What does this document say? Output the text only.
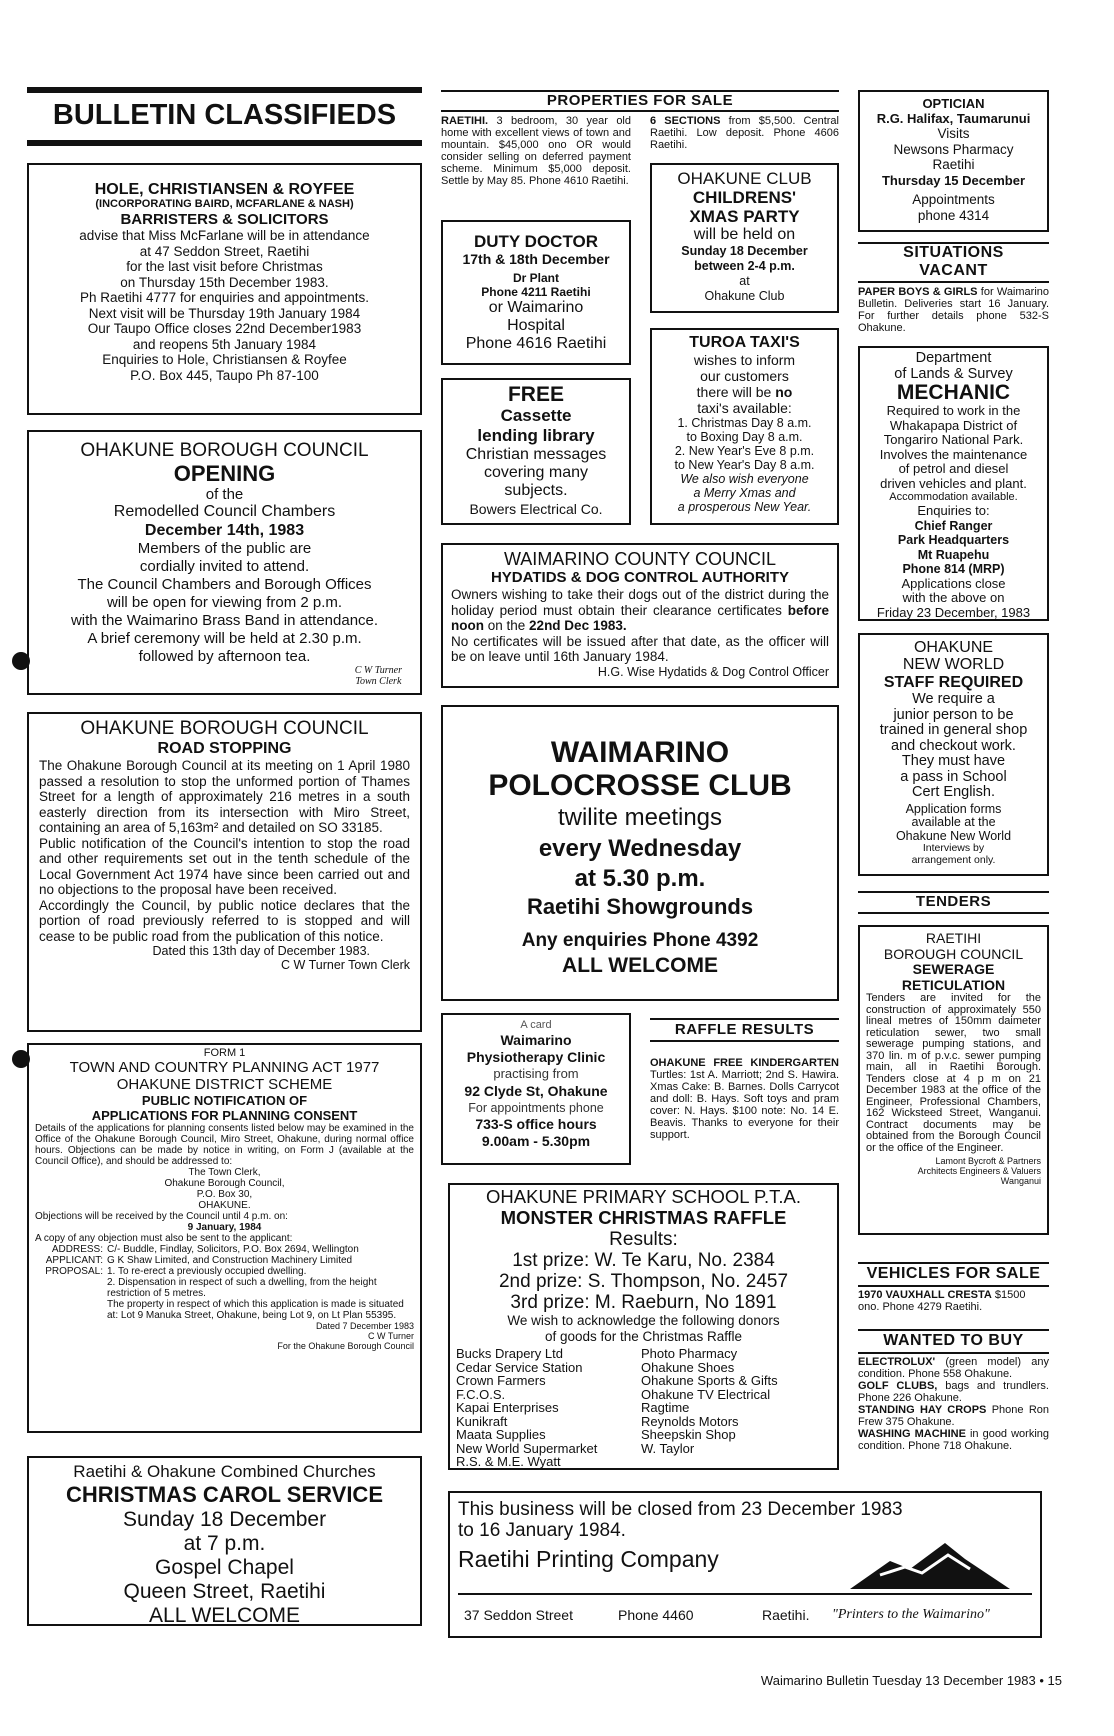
BULLETIN CLASSIFIEDS
HOLE, CHRISTIANSEN & ROYFEE
(INCORPORATING BAIRD, MCFARLANE & NASH)
BARRISTERS & SOLICITORS
advise that Miss McFarlane will be in attendance
at 47 Seddon Street, Raetihi
for the last visit before Christmas
on Thursday 15th December 1983.
Ph Raetihi 4777 for enquiries and appointments.
Next visit will be Thursday 19th January 1984
Our Taupo Office closes 22nd December1983
and reopens 5th January 1984
Enquiries to Hole, Christiansen & Royfee
P.O. Box 445, Taupo Ph 87-100
OHAKUNE BOROUGH COUNCIL
OPENING
of the
Remodelled Council Chambers
December 14th, 1983
Members of the public are
cordially invited to attend.
The Council Chambers and Borough Offices
will be open for viewing from 2 p.m.
with the Waimarino Brass Band in attendance.
A brief ceremony will be held at 2.30 p.m.
followed by afternoon tea.
C W Turner
Town Clerk
OHAKUNE BOROUGH COUNCIL
ROAD STOPPING
The Ohakune Borough Council at its meeting on 1 April 1980 passed a resolution to stop the unformed portion of Thames Street for a length of approximately 216 metres in a south easterly direction from its intersection with Miro Street, containing an area of 5,163m² and detailed on SO 33185.
Public notification of the Council's intention to stop the road and other requirements set out in the tenth schedule of the Local Government Act 1974 have since been carried out and no objections to the proposal have been received.
Accordingly the Council, by public notice declares that the portion of road previously referred to is stopped and will cease to be public road from the publication of this notice.
Dated this 13th day of December 1983.
C W Turner Town Clerk
FORM 1
TOWN AND COUNTRY PLANNING ACT 1977
OHAKUNE DISTRICT SCHEME
PUBLIC NOTIFICATION OF
APPLICATIONS FOR PLANNING CONSENT
Details of the applications for planning consents listed below may be examined in the Office of the Ohakune Borough Council, Miro Street, Ohakune, during normal office hours. Objections can be made by notice in writing, on Form J (available at the Council Office), and should be addressed to:
The Town Clerk,
Ohakune Borough Council,
P.O. Box 30,
OHAKUNE.
Objections will be received by the Council until 4 p.m. on:
9 January, 1984
A copy of any objection must also be sent to the applicant:
ADDRESS: C/- Buddle, Findlay, Solicitors, P.O. Box 2694, Wellington
APPLICANT: G K Shaw Limited, and Construction Machinery Limited
PROPOSAL: 1. To re-erect a previously occupied dwelling.
2. Dispensation in respect of such a dwelling, from the height restriction of 5 metres.
The property in respect of which this application is made is situated at: Lot 9 Manuka Street, Ohakune, being Lot 9, on Lt Plan 55395.
Dated 7 December 1983
C W Turner
For the Ohakune Borough Council
Raetihi & Ohakune Combined Churches
CHRISTMAS CAROL SERVICE
Sunday 18 December
at 7 p.m.
Gospel Chapel
Queen Street, Raetihi
ALL WELCOME
PROPERTIES FOR SALE
RAETIHI. 3 bedroom, 30 year old home with excellent views of town and mountain. $45,000 ono OR would consider selling on deferred payment scheme. Minimum $5,000 deposit. Settle by May 85. Phone 4610 Raetihi.
6 SECTIONS from $5,500. Central Raetihi. Low deposit. Phone 4606 Raetihi.
DUTY DOCTOR
17th & 18th December
Dr Plant
Phone 4211 Raetihi
or Waimarino
Hospital
Phone 4616 Raetihi
OHAKUNE CLUB
CHILDRENS'
XMAS PARTY
will be held on
Sunday 18 December
between 2-4 p.m.
at
Ohakune Club
FREE
Cassette
lending library
Christian messages
covering many
subjects.
Bowers Electrical Co.
TUROA TAXI'S
wishes to inform
our customers
there will be no
taxi's available:
1. Christmas Day 8 a.m.
to Boxing Day 8 a.m.
2. New Year's Eve 8 p.m.
to New Year's Day 8 a.m.
We also wish everyone
a Merry Xmas and
a prosperous New Year.
WAIMARINO COUNTY COUNCIL
HYDATIDS & DOG CONTROL AUTHORITY
Owners wishing to take their dogs out of the district during the holiday period must obtain their clearance certificates before noon on the 22nd Dec 1983.
No certificates will be issued after that date, as the officer will be on leave until 16th January 1984.
H.G. Wise Hydatids & Dog Control Officer
WAIMARINO
POLOCROSSE CLUB
twilite meetings
every Wednesday
at 5.30 p.m.
Raetihi Showgrounds
Any enquiries Phone 4392
ALL WELCOME
A card
Waimarino
Physiotherapy Clinic
practising from
92 Clyde St, Ohakune
For appointments phone
733-S office hours
9.00am - 5.30pm
RAFFLE RESULTS
OHAKUNE FREE KINDERGARTEN Turtles: 1st A. Marriott; 2nd S. Hawira. Xmas Cake: B. Barnes. Dolls Carrycot and doll: B. Hays. Soft toys and pram cover: N. Hays. $100 note: No. 14 E. Beavis. Thanks to everyone for their support.
OHAKUNE PRIMARY SCHOOL P.T.A.
MONSTER CHRISTMAS RAFFLE
Results:
1st prize: W. Te Karu, No. 2384
2nd prize: S. Thompson, No. 2457
3rd prize: M. Raeburn, No 1891
We wish to acknowledge the following donors
of goods for the Christmas Raffle
Bucks Drapery Ltd
Cedar Service Station
Crown Farmers
F.C.O.S.
Kapai Enterprises
Kunikraft
Maata Supplies
New World Supermarket
R.S. & M.E. Wyatt
Photo Pharmacy
Ohakune Shoes
Ohakune Sports & Gifts
Ohakune TV Electrical
Ragtime
Reynolds Motors
Sheepskin Shop
W. Taylor
This business will be closed from 23 December 1983
to 16 January 1984.
Raetihi Printing Company
37 Seddon Street	Phone 4460	Raetihi. "Printers to the Waimarino"
OPTICIAN
R.G. Halifax, Taumarunui
Visits
Newsons Pharmacy
Raetihi
Thursday 15 December
Appointments
phone 4314
SITUATIONS
VACANT
PAPER BOYS & GIRLS for Waimarino Bulletin. Deliveries start 16 January. For further details phone 532-S Ohakune.
Department
of Lands & Survey
MECHANIC
Required to work in the
Whakapapa District of
Tongariro National Park.
Involves the maintenance
of petrol and diesel
driven vehicles and plant.
Accommodation available.
Enquiries to:
Chief Ranger
Park Headquarters
Mt Ruapehu
Phone 814 (MRP)
Applications close
with the above on
Friday 23 December, 1983
OHAKUNE
NEW WORLD
STAFF REQUIRED
We require a
junior person to be
trained in general shop
and checkout work.
They must have
a pass in School
Cert English.
Application forms
available at the
Ohakune New World
Interviews by
arrangement only.
TENDERS
RAETIHI
BOROUGH COUNCIL
SEWERAGE
RETICULATION
Tenders are invited for the construction of approximately 550 lineal metres of 150mm daimeter reticulation sewer, two small sewerage pumping stations, and 370 lin. m of p.v.c. sewer pumping main, all in Raetihi Borough. Tenders close at 4 p m on 21 December 1983 at the office of the Engineer, Professional Chambers, 162 Wicksteed Street, Wanganui. Contract documents may be obtained from the Borough Council or the office of the Engineer.
Lamont Bycroft & Partners
Architects Engineers & Valuers
Wanganui
VEHICLES FOR SALE
1970 VAUXHALL CRESTA $1500 ono. Phone 4279 Raetihi.
WANTED TO BUY
ELECTROLUX' (green model) any condition. Phone 558 Ohakune.
GOLF CLUBS, bags and trundlers. Phone 226 Ohakune.
STANDING HAY CROPS Phone Ron Frew 375 Ohakune.
WASHING MACHINE in good working condition. Phone 718 Ohakune.
Waimarino Bulletin Tuesday 13 December 1983 • 15
